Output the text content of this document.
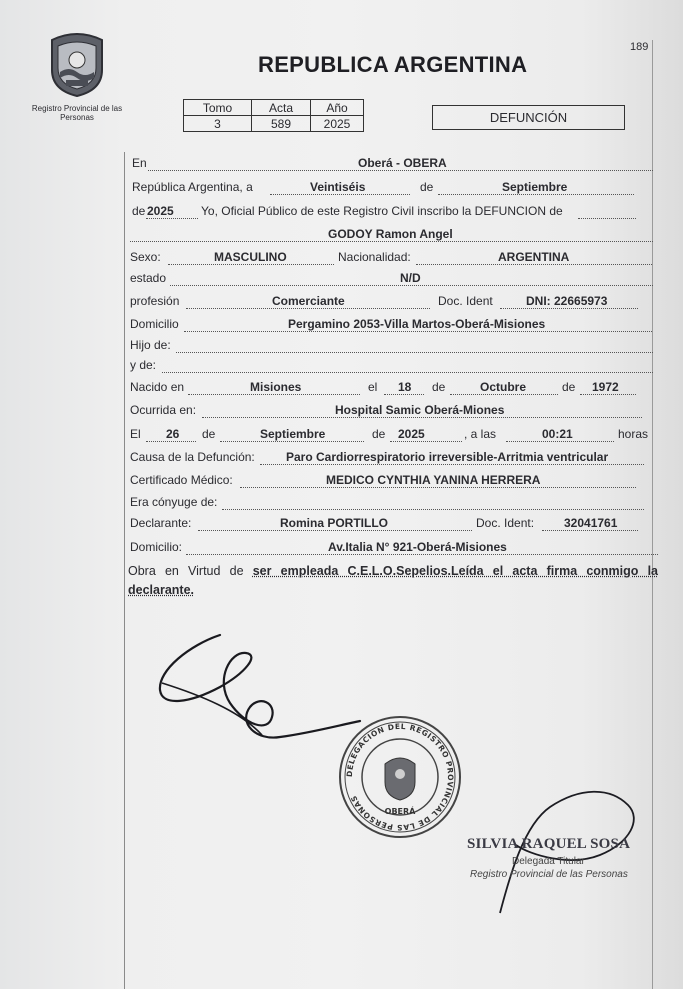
189
Registro Provincial de las Personas
REPUBLICA ARGENTINA
Tomo	Acta	Año
3	589	2025	DEFUNCIÓN
En	Oberá - OBERA
República Argentina, a	Veintiséis	de	Septiembre
de 2025 Yo, Oficial Público de este Registro Civil inscribo la DEFUNCION de
GODOY Ramon Angel
Sexo:	MASCULINO	Nacionalidad:	ARGENTINA
estado	N/D
profesión	Comerciante	Doc. Ident	DNI: 22665973
Domicilio	Pergamino 2053-Villa Martos-Oberá-Misiones
Hijo de:
y de:
Nacido en	Misiones	el 18 de	Octubre	de 1972
Ocurrida en:	Hospital Samic Oberá-Miones
El 26 de	Septiembre	de 2025	, a las	00:21	horas
Causa de la Defunción:	Paro Cardiorrespiratorio irreversible-Arritmia ventricular
Certificado Médico:	MEDICO CYNTHIA YANINA HERRERA
Era cónyuge de:
Declarante:	Romina PORTILLO	Doc. Ident: 32041761
Domicilio:	Av.Italia N° 921-Oberá-Misiones
Obra en Virtud de ser empleada C.E.L.O.Sepelios.Leída el acta firma conmigo la declarante.
DELEGACION DEL REGISTRO PROVINCIAL DE LAS PERSONAS
OBERÁ
SILVIA RAQUEL SOSA
Delegada Titular
Registro Provincial de las Personas
